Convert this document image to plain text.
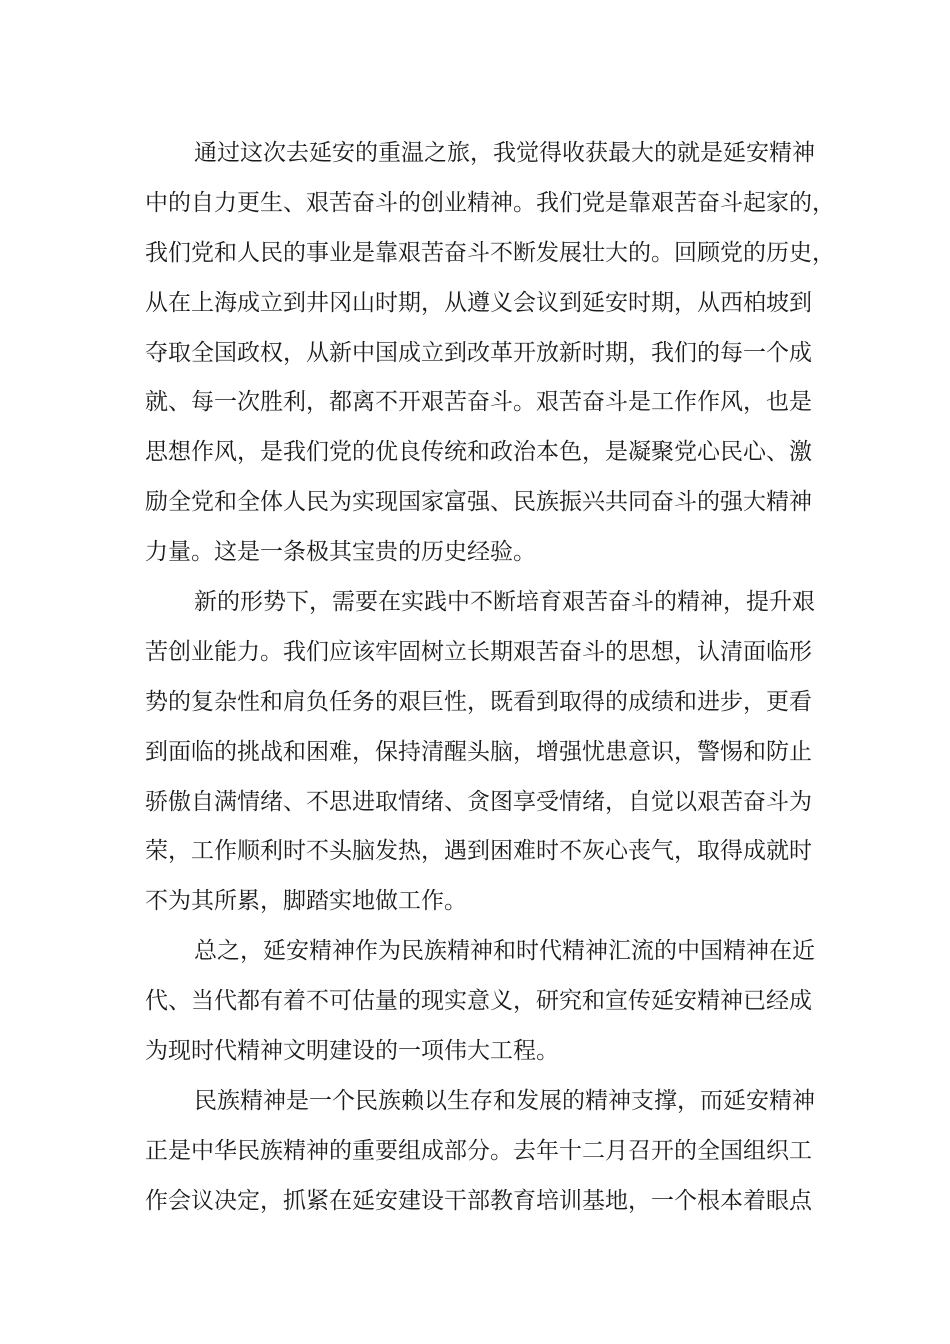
通过这次去延安的重温之旅，我觉得收获最大的就是延安精神
中的自力更生、艰苦奋斗的创业精神。我们党是靠艰苦奋斗起家的，
我们党和人民的事业是靠艰苦奋斗不断发展壮大的。回顾党的历史，
从在上海成立到井冈山时期，从遵义会议到延安时期，从西柏坡到
夺取全国政权，从新中国成立到改革开放新时期，我们的每一个成
就、每一次胜利，都离不开艰苦奋斗。艰苦奋斗是工作作风，也是
思想作风，是我们党的优良传统和政治本色，是凝聚党心民心、激
励全党和全体人民为实现国家富强、民族振兴共同奋斗的强大精神
力量。这是一条极其宝贵的历史经验。
新的形势下，需要在实践中不断培育艰苦奋斗的精神，提升艰
苦创业能力。我们应该牢固树立长期艰苦奋斗的思想，认清面临形
势的复杂性和肩负任务的艰巨性，既看到取得的成绩和进步，更看
到面临的挑战和困难，保持清醒头脑，增强忧患意识，警惕和防止
骄傲自满情绪、不思进取情绪、贪图享受情绪，自觉以艰苦奋斗为
荣，工作顺利时不头脑发热，遇到困难时不灰心丧气，取得成就时
不为其所累，脚踏实地做工作。
总之，延安精神作为民族精神和时代精神汇流的中国精神在近
代、当代都有着不可估量的现实意义，研究和宣传延安精神已经成
为现时代精神文明建设的一项伟大工程。
民族精神是一个民族赖以生存和发展的精神支撑，而延安精神
正是中华民族精神的重要组成部分。去年十二月召开的全国组织工
作会议决定，抓紧在延安建设干部教育培训基地，一个根本着眼点
